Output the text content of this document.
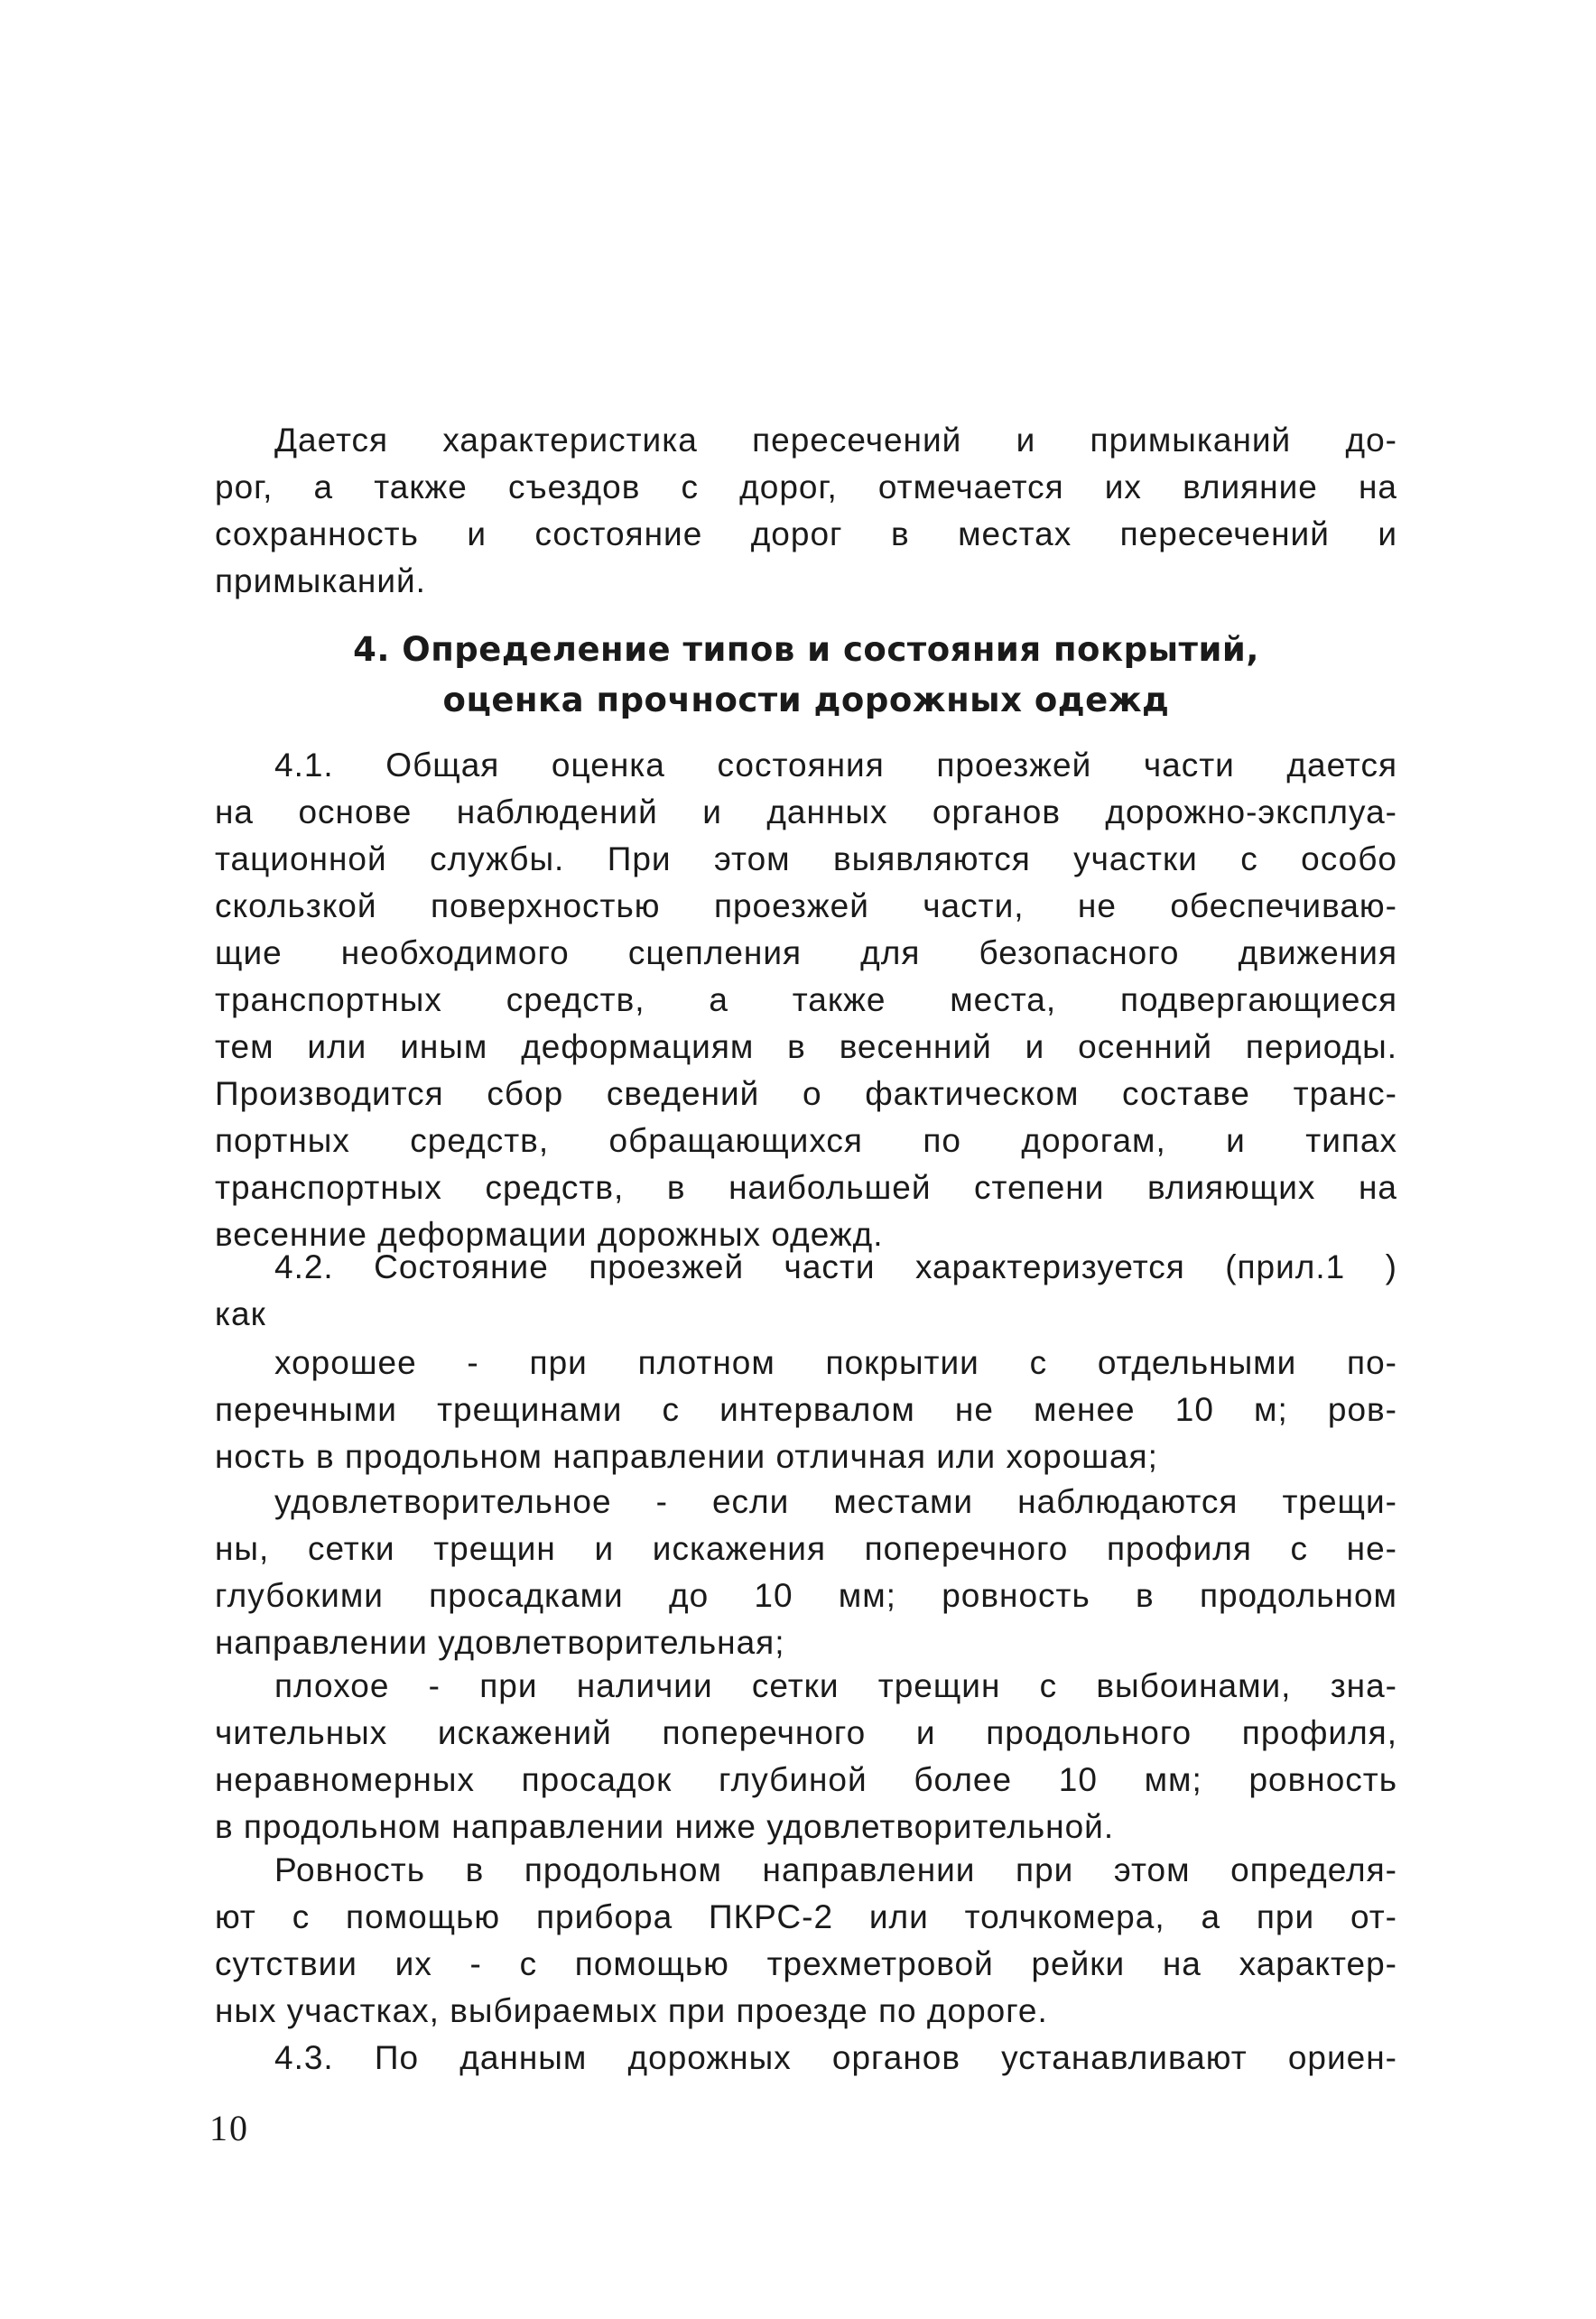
Дается характеристика пересечений и примыканий до-
рог, а также съездов с дорог, отмечается их влияние на
сохранность и состояние дорог в местах пересечений и
примыканий.
4. Определение типов и состояния покрытий,
оценка прочности дорожных одежд
4.1. Общая оценка состояния проезжей части дается
на основе наблюдений и данных органов дорожно-эксплуа-
тационной службы. При этом выявляются участки с особо
скользкой поверхностью проезжей части, не обеспечиваю-
щие необходимого сцепления для безопасного движения
транспортных средств, а также места, подвергающиеся
тем или иным деформациям в весенний и осенний периоды.
Производится сбор сведений о фактическом составе транс-
портных средств, обращающихся по дорогам, и типах
транспортных средств, в наибольшей степени влияющих на
весенние деформации дорожных одежд.
4.2. Состояние проезжей части характеризуется (прил.1 )
как
хорошее - при плотном покрытии с отдельными по-
перечными трещинами с интервалом не менее 10 м; ров-
ность в продольном направлении отличная или хорошая;
удовлетворительное - если местами наблюдаются трещи-
ны, сетки трещин и искажения поперечного профиля с не-
глубокими просадками до 10 мм; ровность в продольном
направлении удовлетворительная;
плохое - при наличии сетки трещин с выбоинами, зна-
чительных искажений поперечного и продольного профиля,
неравномерных просадок глубиной более 10 мм; ровность
в продольном направлении ниже удовлетворительной.
Ровность в продольном направлении при этом определя-
ют с помощью прибора ПКРС-2 или толчкомера, а при от-
сутствии их - с помощью трехметровой рейки на характер-
ных участках, выбираемых при проезде по дороге.
4.3. По данным дорожных органов устанавливают ориен-
10
